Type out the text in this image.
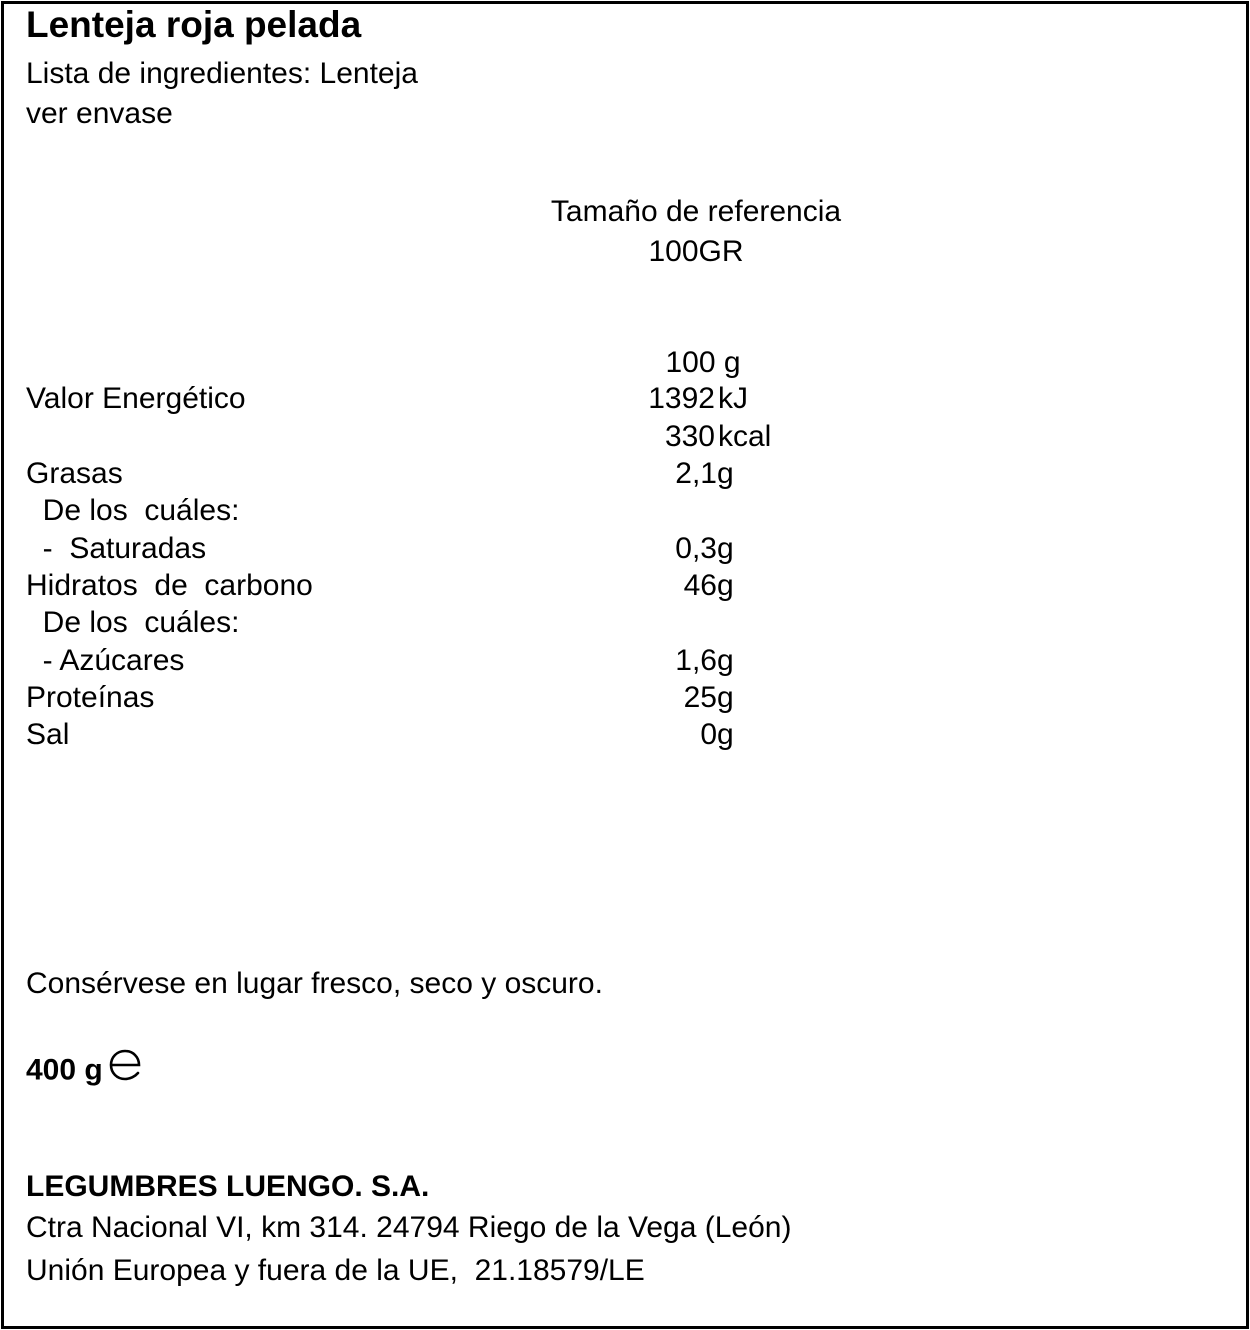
Lenteja roja pelada
Lista de ingredientes: Lenteja
ver envase
Tamaño de referencia
100GR
100 g
Valor Energético	1392 kJ
330 kcal
Grasas	2,1 g
De los  cuáles:
-  Saturadas	0,3 g
Hidratos  de  carbono	46 g
De los  cuáles:
- Azúcares	1,6 g
Proteínas	25 g
Sal	0 g
Consérvese en lugar fresco, seco y oscuro.
400 g
LEGUMBRES LUENGO. S.A.
Ctra Nacional VI, km 314. 24794 Riego de la Vega (León)
Unión Europea y fuera de la UE,  21.18579/LE
